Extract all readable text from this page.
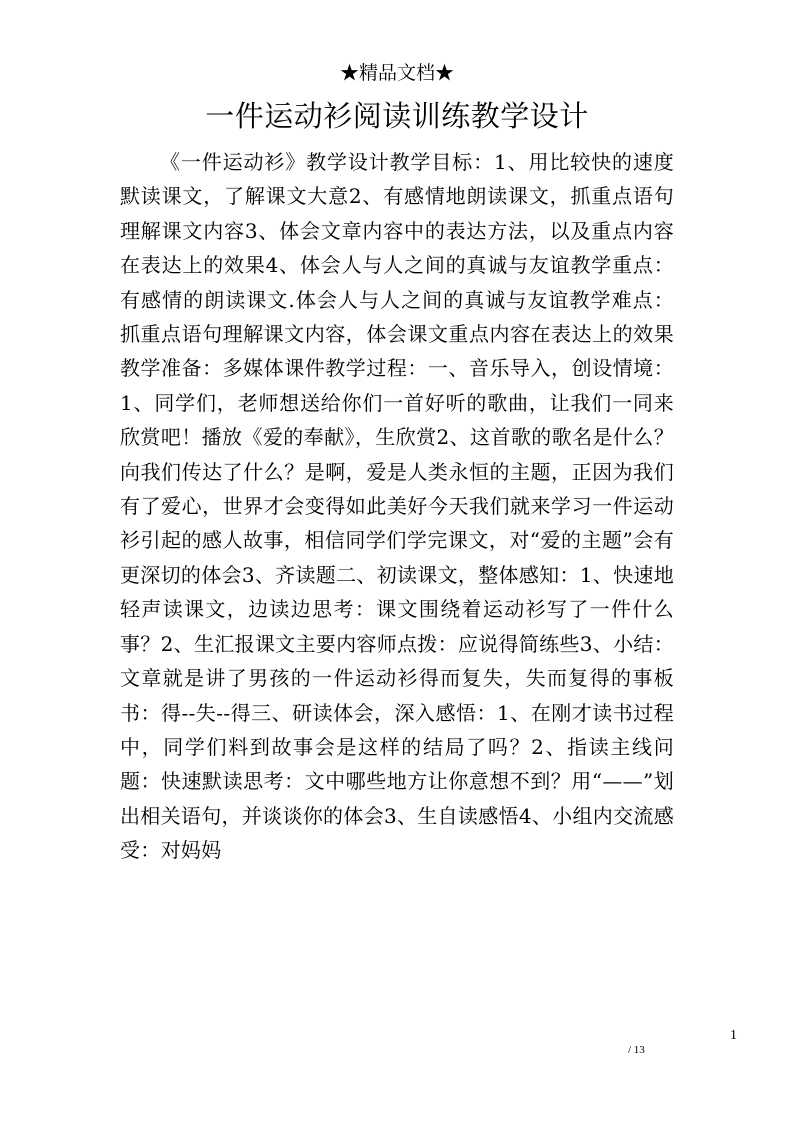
★精品文档★
一件运动衫阅读训练教学设计
《一件运动衫》教学设计教学目标：1、用比较快的速度默读课文，了解课文大意2、有感情地朗读课文，抓重点语句理解课文内容3、体会文章内容中的表达方法，以及重点内容在表达上的效果4、体会人与人之间的真诚与友谊教学重点：有感情的朗读课文.体会人与人之间的真诚与友谊教学难点：抓重点语句理解课文内容，体会课文重点内容在表达上的效果教学准备：多媒体课件教学过程：一、音乐导入，创设情境：1、同学们，老师想送给你们一首好听的歌曲，让我们一同来欣赏吧！播放《爱的奉献》，生欣赏2、这首歌的歌名是什么？向我们传达了什么？是啊，爱是人类永恒的主题，正因为我们有了爱心，世界才会变得如此美好今天我们就来学习一件运动衫引起的感人故事，相信同学们学完课文，对“爱的主题”会有更深切的体会3、齐读题二、初读课文，整体感知：1、快速地轻声读课文，边读边思考：课文围绕着运动衫写了一件什么事？2、生汇报课文主要内容师点拨：应说得简练些3、小结：文章就是讲了男孩的一件运动衫得而复失，失而复得的事板书：得--失--得三、研读体会，深入感悟：1、在刚才读书过程中，同学们料到故事会是这样的结局了吗？2、指读主线问题：快速默读思考：文中哪些地方让你意想不到？用“——”划出相关语句，并谈谈你的体会3、生自读感悟4、小组内交流感受：对妈妈
1
/ 13
